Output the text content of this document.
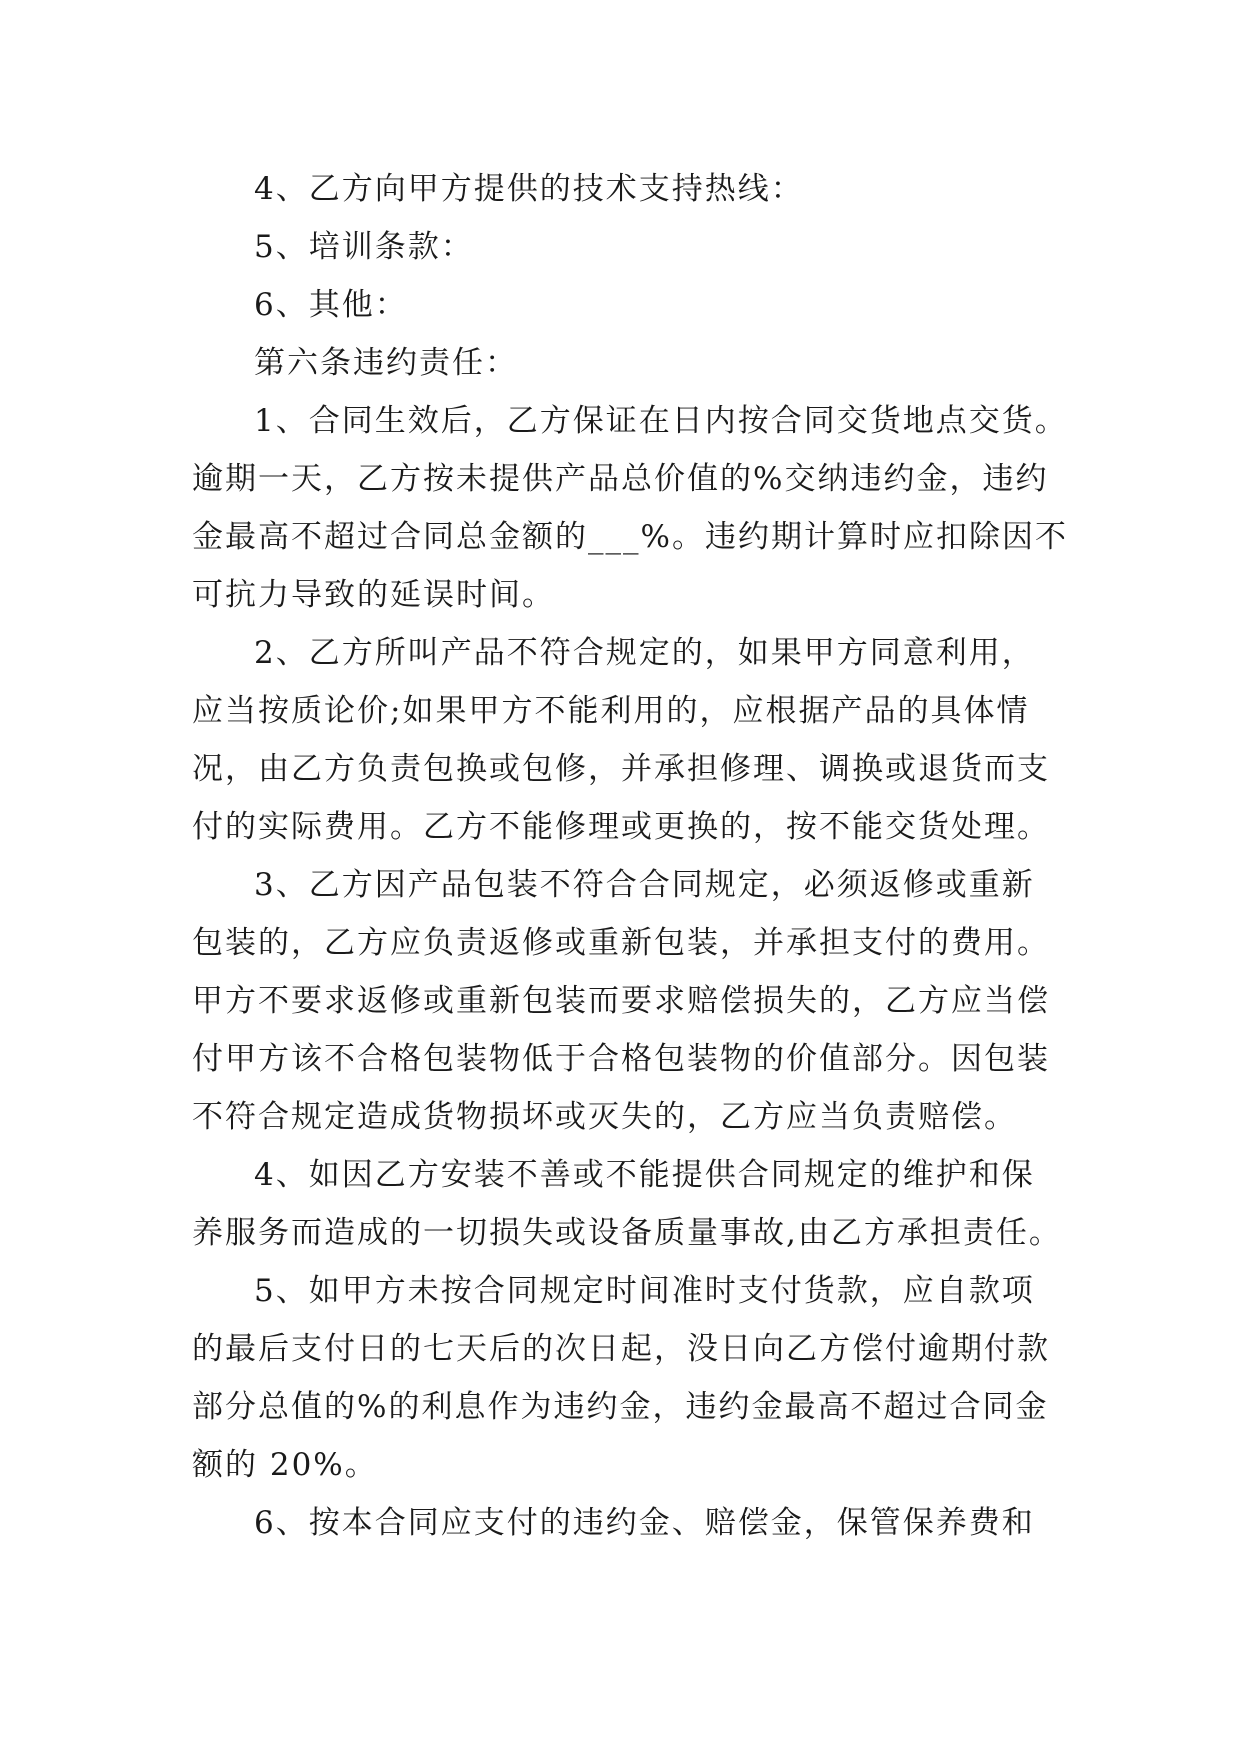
4、乙方向甲方提供的技术支持热线：
5、培训条款：
6、其他：
第六条违约责任：
1、合同生效后，乙方保证在日内按合同交货地点交货。
逾期一天，乙方按未提供产品总价值的%交纳违约金，违约
金最高不超过合同总金额的___%。违约期计算时应扣除因不
可抗力导致的延误时间。
2、乙方所叫产品不符合规定的，如果甲方同意利用，
应当按质论价;如果甲方不能利用的，应根据产品的具体情
况，由乙方负责包换或包修，并承担修理、调换或退货而支
付的实际费用。乙方不能修理或更换的，按不能交货处理。
3、乙方因产品包装不符合合同规定，必须返修或重新
包装的，乙方应负责返修或重新包装，并承担支付的费用。
甲方不要求返修或重新包装而要求赔偿损失的，乙方应当偿
付甲方该不合格包装物低于合格包装物的价值部分。因包装
不符合规定造成货物损坏或灭失的，乙方应当负责赔偿。
4、如因乙方安装不善或不能提供合同规定的维护和保
养服务而造成的一切损失或设备质量事故,由乙方承担责任。
5、如甲方未按合同规定时间准时支付货款，应自款项
的最后支付日的七天后的次日起，没日向乙方偿付逾期付款
部分总值的%的利息作为违约金，违约金最高不超过合同金
额的 20%。
6、按本合同应支付的违约金、赔偿金，保管保养费和
